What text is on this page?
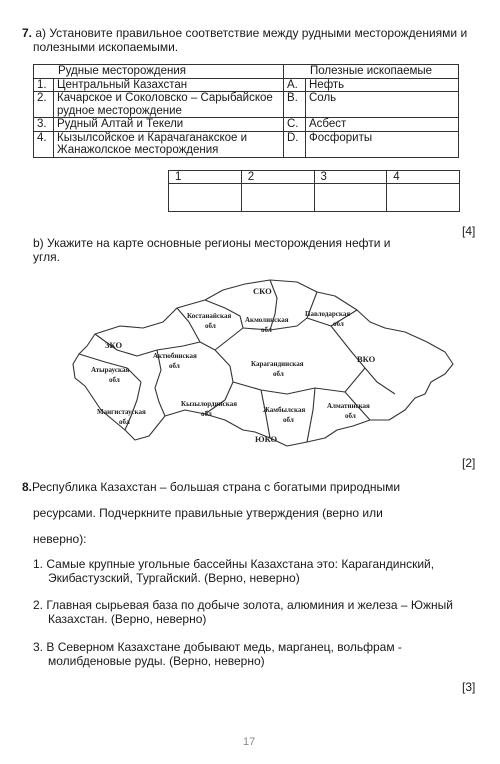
7. a) Установите правильное соответствие между рудными месторождениями и
полезными ископаемыми.
Рудные месторождения		Полезные ископаемые	
1.	Центральный Казахстан	A.	Нефть
2.	Качарское и Соколовско – Сарыбайское
рудное месторождение	B.	Соль
3.	Рудный Алтай и Текели	C.	Асбест
4.	Кызылсойское и Карачаганакское и
Жанажолское месторождения	D.	Фосфориты
1	2	3	4

[4]
b) Укажите на карте основные регионы месторождения нефти и
угля.
СКО
Костанайская
обл
Акмолинская
обл
Павлодарская
обл
ЗКО
Актюбинская
обл
Атырауская
обл
Карагандинская
обл
ВКО
Мангистауская
обл
Кызылординская
обл	Жамбылская
обл
Алматинская
обл
ЮКО
[2]
8.Республика Казахстан – большая страна с богатыми природными
ресурсами. Подчеркните правильные утверждения (верно или
неверно):
1. Самые крупные угольные бассейны Казахстана это: Карагандинский,
Экибастузский, Тургайский. (Верно, неверно)
2. Главная сырьевая база по добыче золота, алюминия и железа – Южный
Казахстан. (Верно, неверно)
3. В Северном Казахстане добывают медь, марганец, вольфрам -
молибденовые руды. (Верно, неверно)
[3]
17
